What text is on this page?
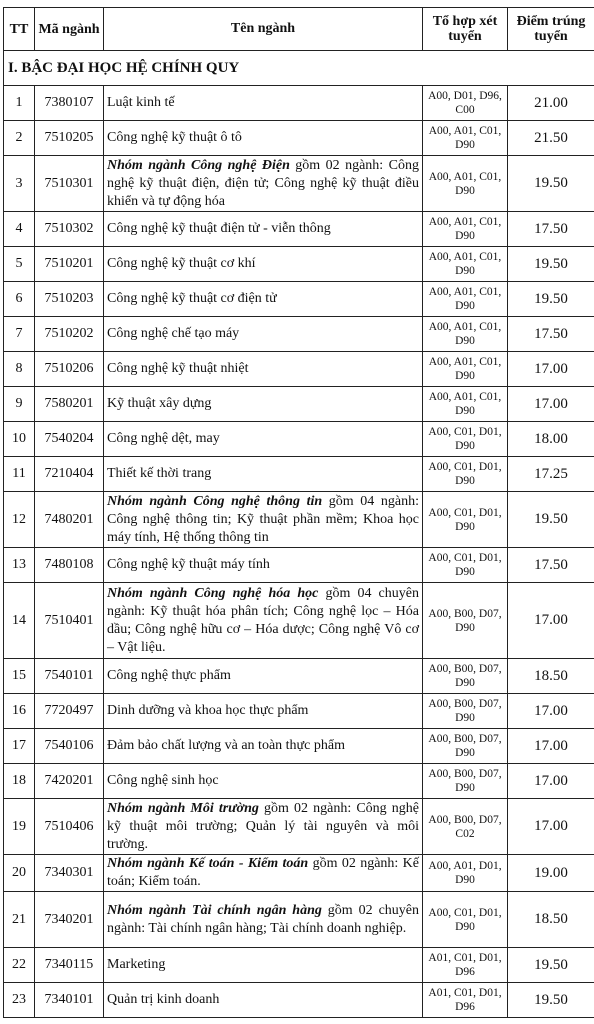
TT	Mã ngành	Tên ngành	Tổ hợp xét tuyển	Điểm trúng tuyển
I. BẬC ĐẠI HỌC HỆ CHÍNH QUY				
1	7380107	Luật kinh tế	A00, D01, D96, C00	21.00
2	7510205	Công nghệ kỹ thuật ô tô	A00, A01, C01, D90	21.50
3	7510301	Nhóm ngành Công nghệ Điện gồm 02 ngành: Công nghệ kỹ thuật điện, điện tử; Công nghệ kỹ thuật điều khiển và tự động hóa	A00, A01, C01, D90	19.50
4	7510302	Công nghệ kỹ thuật điện tử - viễn thông	A00, A01, C01, D90	17.50
5	7510201	Công nghệ kỹ thuật cơ khí	A00, A01, C01, D90	19.50
6	7510203	Công nghệ kỹ thuật cơ điện tử	A00, A01, C01, D90	19.50
7	7510202	Công nghệ chế tạo máy	A00, A01, C01, D90	17.50
8	7510206	Công nghệ kỹ thuật nhiệt	A00, A01, C01, D90	17.00
9	7580201	Kỹ thuật xây dựng	A00, A01, C01, D90	17.00
10	7540204	Công nghệ dệt, may	A00, C01, D01, D90	18.00
11	7210404	Thiết kế thời trang	A00, C01, D01, D90	17.25
12	7480201	Nhóm ngành Công nghệ thông tin gồm 04 ngành: Công nghệ thông tin; Kỹ thuật phần mềm; Khoa học máy tính, Hệ thống thông tin	A00, C01, D01, D90	19.50
13	7480108	Công nghệ kỹ thuật máy tính	A00, C01, D01, D90	17.50
14	7510401	Nhóm ngành Công nghệ hóa học gồm 04 chuyên ngành: Kỹ thuật hóa phân tích; Công nghệ lọc – Hóa dầu; Công nghệ hữu cơ – Hóa dược; Công nghệ Vô cơ – Vật liệu.	A00, B00, D07, D90	17.00
15	7540101	Công nghệ thực phẩm	A00, B00, D07, D90	18.50
16	7720497	Dinh dưỡng và khoa học thực phẩm	A00, B00, D07, D90	17.00
17	7540106	Đảm bảo chất lượng và an toàn thực phẩm	A00, B00, D07, D90	17.00
18	7420201	Công nghệ sinh học	A00, B00, D07, D90	17.00
19	7510406	Nhóm ngành Môi trường gồm 02 ngành: Công nghệ kỹ thuật môi trường; Quản lý tài nguyên và môi trường.	A00, B00, D07, C02	17.00
20	7340301	Nhóm ngành Kế toán - Kiểm toán gồm 02 ngành: Kế toán; Kiểm toán.	A00, A01, D01, D90	19.00
21	7340201	Nhóm ngành Tài chính ngân hàng gồm 02 chuyên ngành: Tài chính ngân hàng; Tài chính doanh nghiệp.	A00, C01, D01, D90	18.50
22	7340115	Marketing	A01, C01, D01, D96	19.50
23	7340101	Quản trị kinh doanh	A01, C01, D01, D96	19.50
